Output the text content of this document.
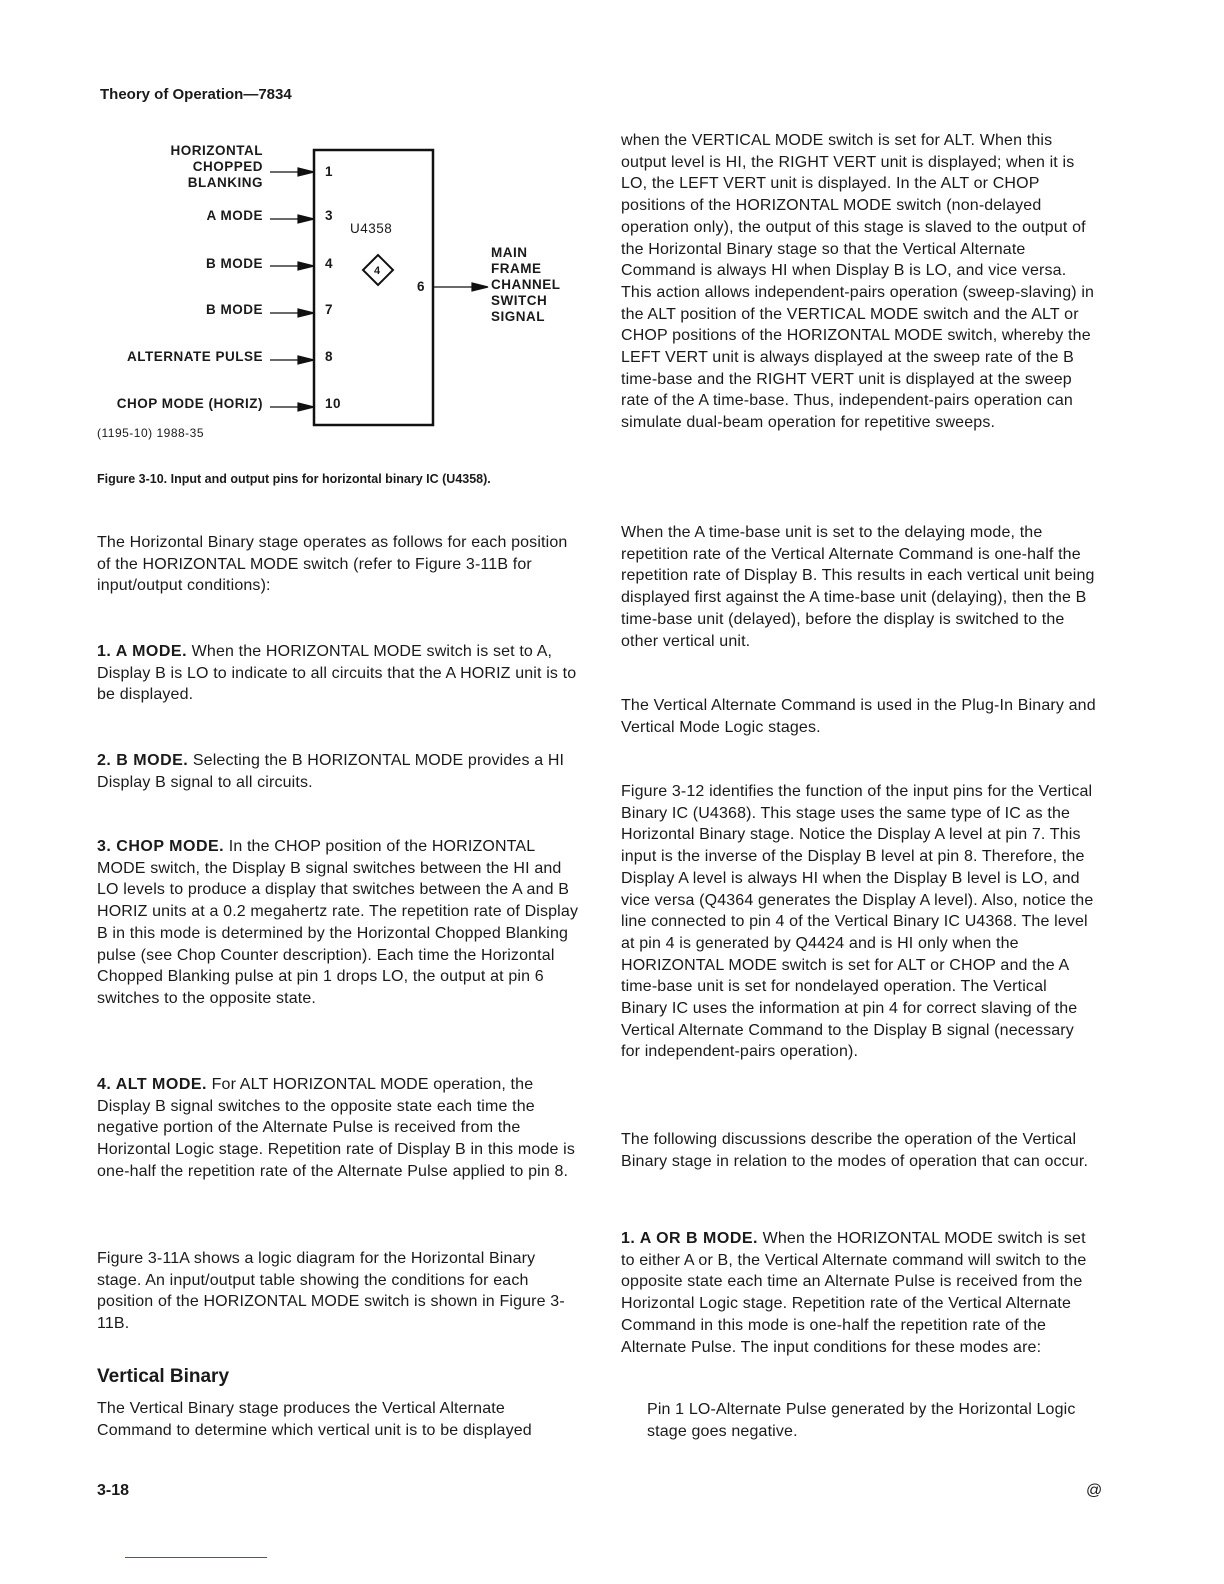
Theory of Operation—7834
HORIZONTAL
CHOPPED
BLANKING
A MODE
B MODE
B MODE
ALTERNATE PULSE
CHOP MODE (HORIZ)
1
3
4
7
8
10
U4358
4
6
MAIN
FRAME
CHANNEL
SWITCH
SIGNAL
(1195-10) 1988-35
Figure 3-10. Input and output pins for horizontal binary IC (U4358).

The Horizontal Binary stage operates as follows for each position of the HORIZONTAL MODE switch (refer to Figure 3-11B for input/output conditions):

1. A MODE. When the HORIZONTAL MODE switch is set to A, Display B is LO to indicate to all circuits that the A HORIZ unit is to be displayed.

2. B MODE. Selecting the B HORIZONTAL MODE provides a HI Display B signal to all circuits.

3. CHOP MODE. In the CHOP position of the HORIZONTAL MODE switch, the Display B signal switches between the HI and LO levels to produce a display that switches between the A and B HORIZ units at a 0.2 megahertz rate. The repetition rate of Display B in this mode is determined by the Horizontal Chopped Blanking pulse (see Chop Counter description). Each time the Horizontal Chopped Blanking pulse at pin 1 drops LO, the output at pin 6 switches to the opposite state.

4. ALT MODE. For ALT HORIZONTAL MODE operation, the Display B signal switches to the opposite state each time the negative portion of the Alternate Pulse is received from the Horizontal Logic stage. Repetition rate of Display B in this mode is one-half the repetition rate of the Alternate Pulse applied to pin 8.

Figure 3-11A shows a logic diagram for the Horizontal Binary stage. An input/output table showing the conditions for each position of the HORIZONTAL MODE switch is shown in Figure 3-11B.

Vertical Binary

The Vertical Binary stage produces the Vertical Alternate Command to determine which vertical unit is to be displayed

when the VERTICAL MODE switch is set for ALT. When this output level is HI, the RIGHT VERT unit is displayed; when it is LO, the LEFT VERT unit is displayed. In the ALT or CHOP positions of the HORIZONTAL MODE switch (non-delayed operation only), the output of this stage is slaved to the output of the Horizontal Binary stage so that the Vertical Alternate Command is always HI when Display B is LO, and vice versa. This action allows independent-pairs operation (sweep-slaving) in the ALT position of the VERTICAL MODE switch and the ALT or CHOP positions of the HORIZONTAL MODE switch, whereby the LEFT VERT unit is always displayed at the sweep rate of the B time-base and the RIGHT VERT unit is displayed at the sweep rate of the A time-base. Thus, independent-pairs operation can simulate dual-beam operation for repetitive sweeps.

When the A time-base unit is set to the delaying mode, the repetition rate of the Vertical Alternate Command is one-half the repetition rate of Display B. This results in each vertical unit being displayed first against the A time-base unit (delaying), then the B time-base unit (delayed), before the display is switched to the other vertical unit.

The Vertical Alternate Command is used in the Plug-In Binary and Vertical Mode Logic stages.

Figure 3-12 identifies the function of the input pins for the Vertical Binary IC (U4368). This stage uses the same type of IC as the Horizontal Binary stage. Notice the Display A level at pin 7. This input is the inverse of the Display B level at pin 8. Therefore, the Display A level is always HI when the Display B level is LO, and vice versa (Q4364 generates the Display A level). Also, notice the line connected to pin 4 of the Vertical Binary IC U4368. The level at pin 4 is generated by Q4424 and is HI only when the HORIZONTAL MODE switch is set for ALT or CHOP and the A time-base unit is set for nondelayed operation. The Vertical Binary IC uses the information at pin 4 for correct slaving of the Vertical Alternate Command to the Display B signal (necessary for independent-pairs operation).

The following discussions describe the operation of the Vertical Binary stage in relation to the modes of operation that can occur.

1. A OR B MODE. When the HORIZONTAL MODE switch is set to either A or B, the Vertical Alternate command will switch to the opposite state each time an Alternate Pulse is received from the Horizontal Logic stage. Repetition rate of the Vertical Alternate Command in this mode is one-half the repetition rate of the Alternate Pulse. The input conditions for these modes are:

Pin 1 LO-Alternate Pulse generated by the Horizontal Logic stage goes negative.

3-18	@
